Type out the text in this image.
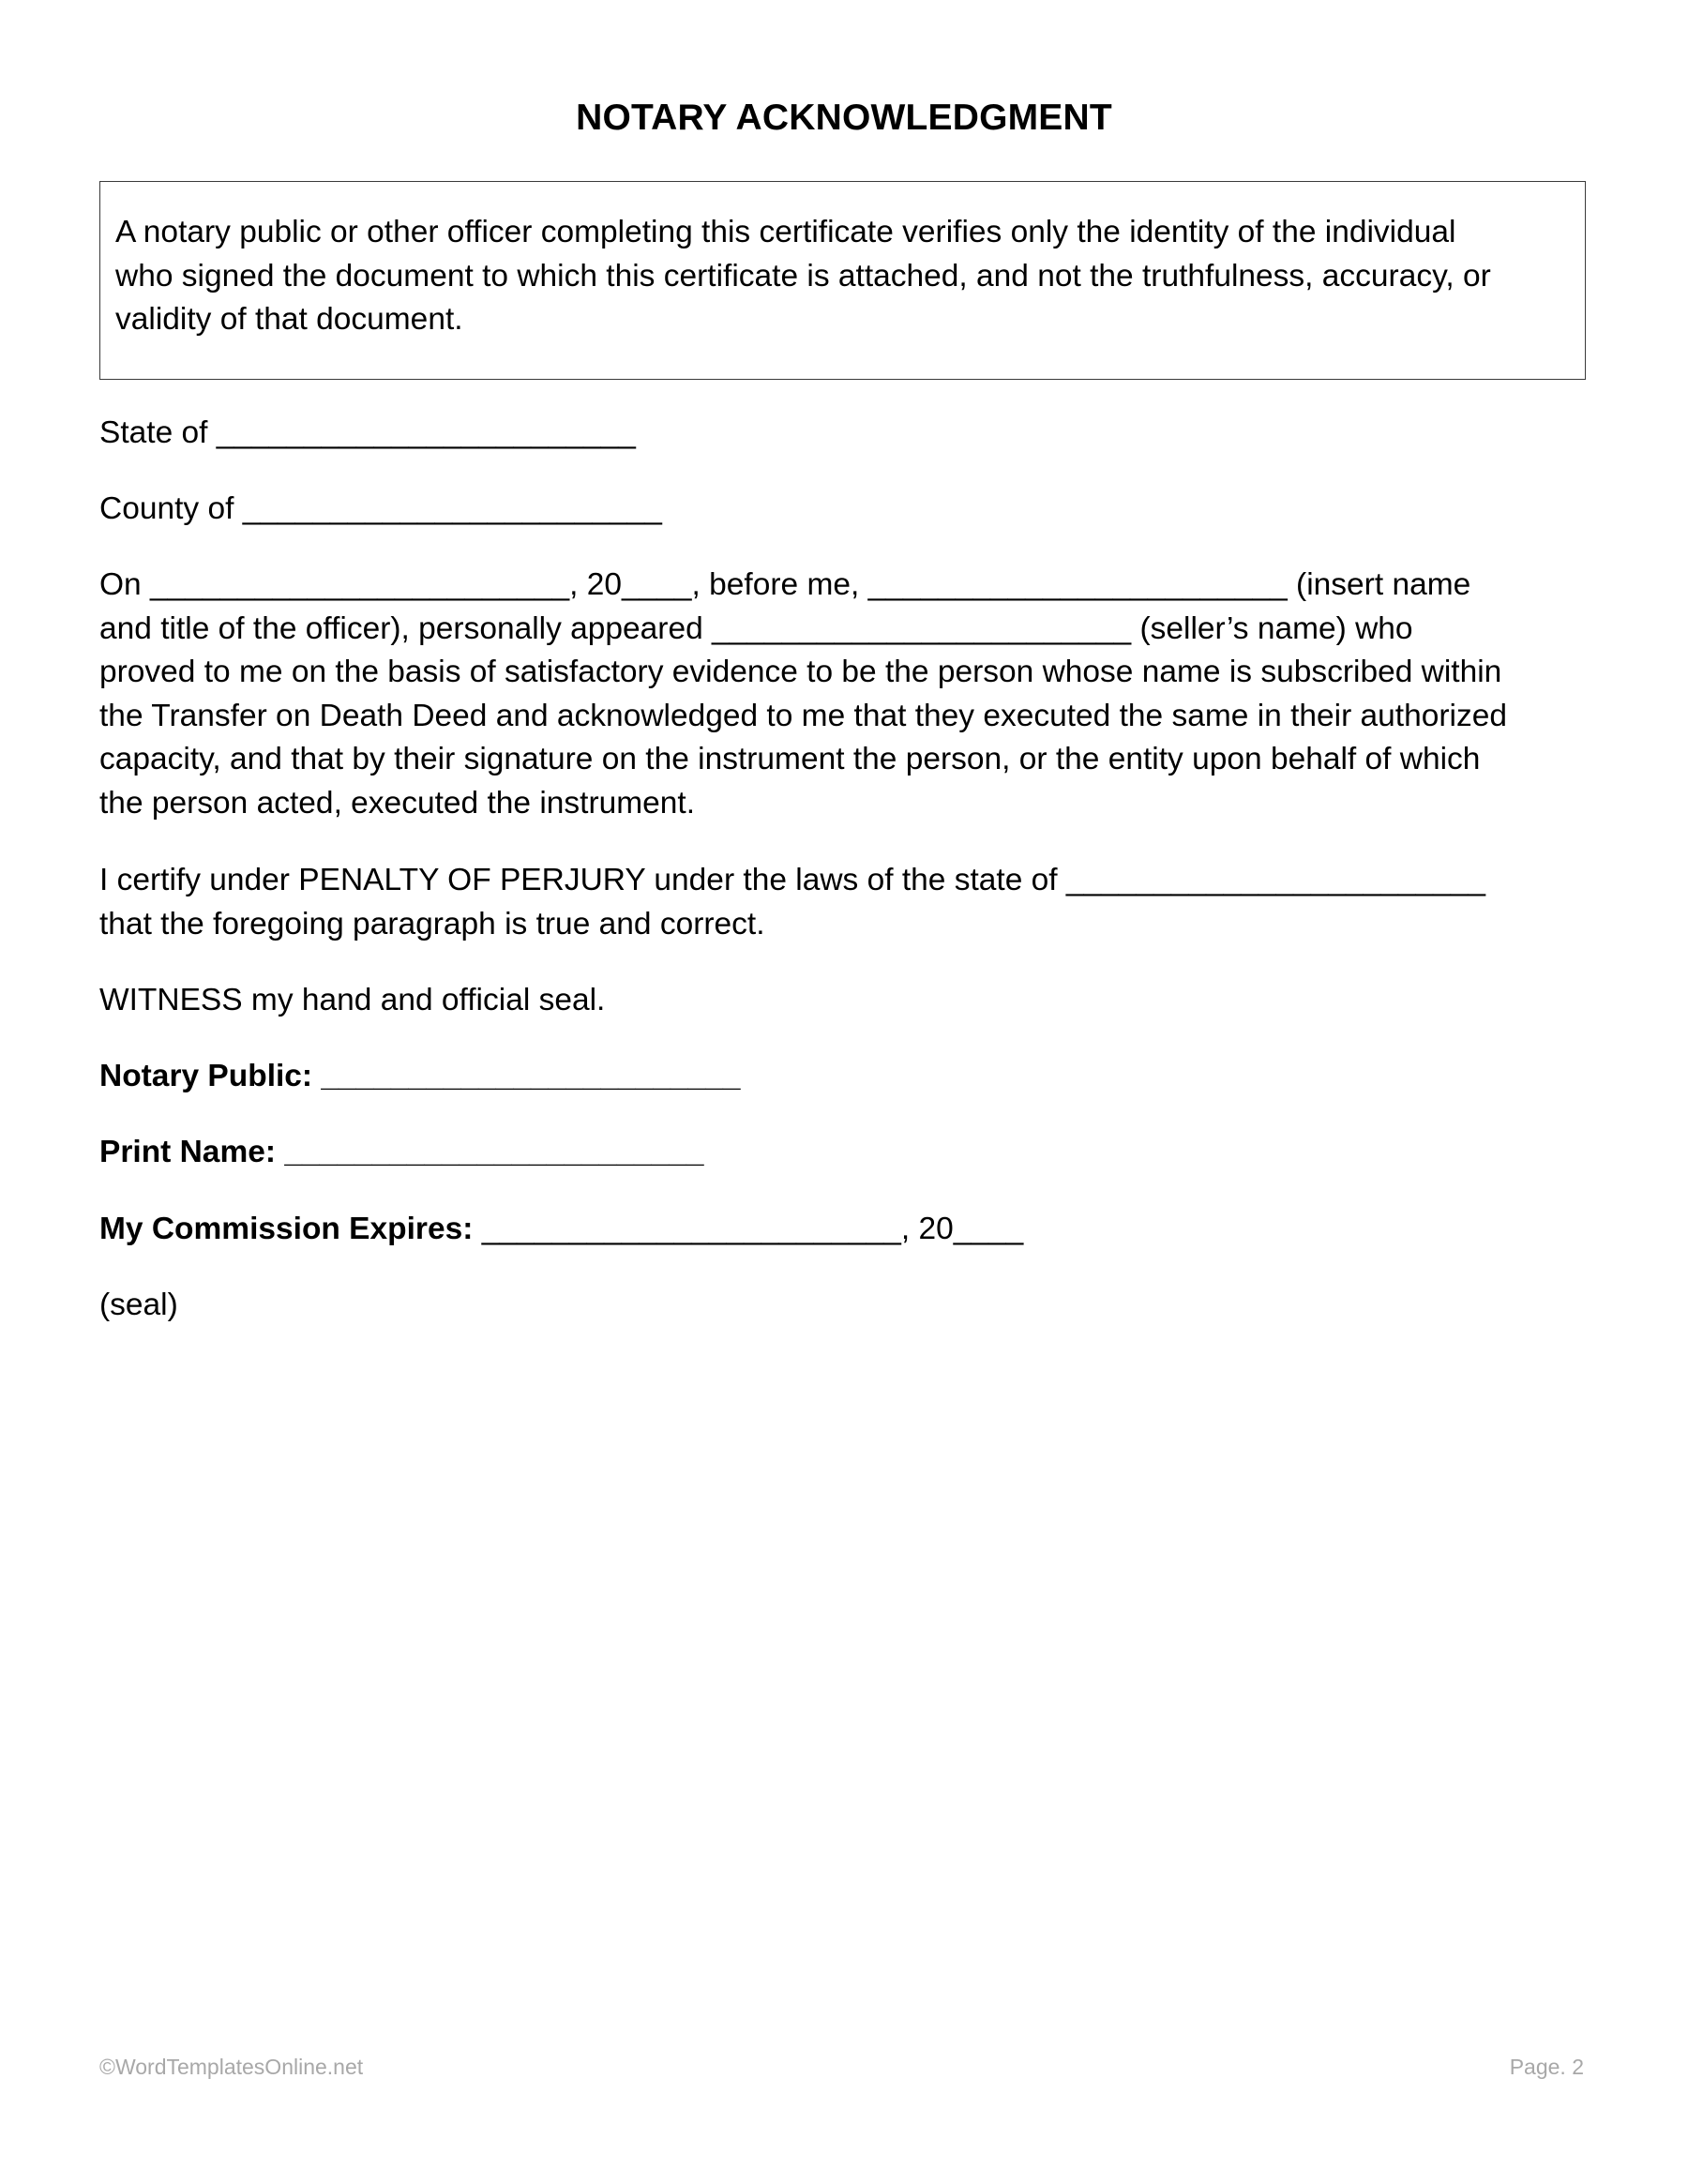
NOTARY ACKNOWLEDGMENT
A notary public or other officer completing this certificate verifies only the identity of the individual
who signed the document to which this certificate is attached, and not the truthfulness, accuracy, or
validity of that document.
State of ________________________
County of ________________________
On ________________________, 20____, before me, ________________________ (insert name
and title of the officer), personally appeared ________________________ (seller’s name) who
proved to me on the basis of satisfactory evidence to be the person whose name is subscribed within
the Transfer on Death Deed and acknowledged to me that they executed the same in their authorized
capacity, and that by their signature on the instrument the person, or the entity upon behalf of which
the person acted, executed the instrument.
I certify under PENALTY OF PERJURY under the laws of the state of ________________________
that the foregoing paragraph is true and correct.
WITNESS my hand and official seal.
Notary Public: ________________________
Print Name: ________________________
My Commission Expires: ________________________, 20____
(seal)
©WordTemplatesOnline.net	Page. 2
